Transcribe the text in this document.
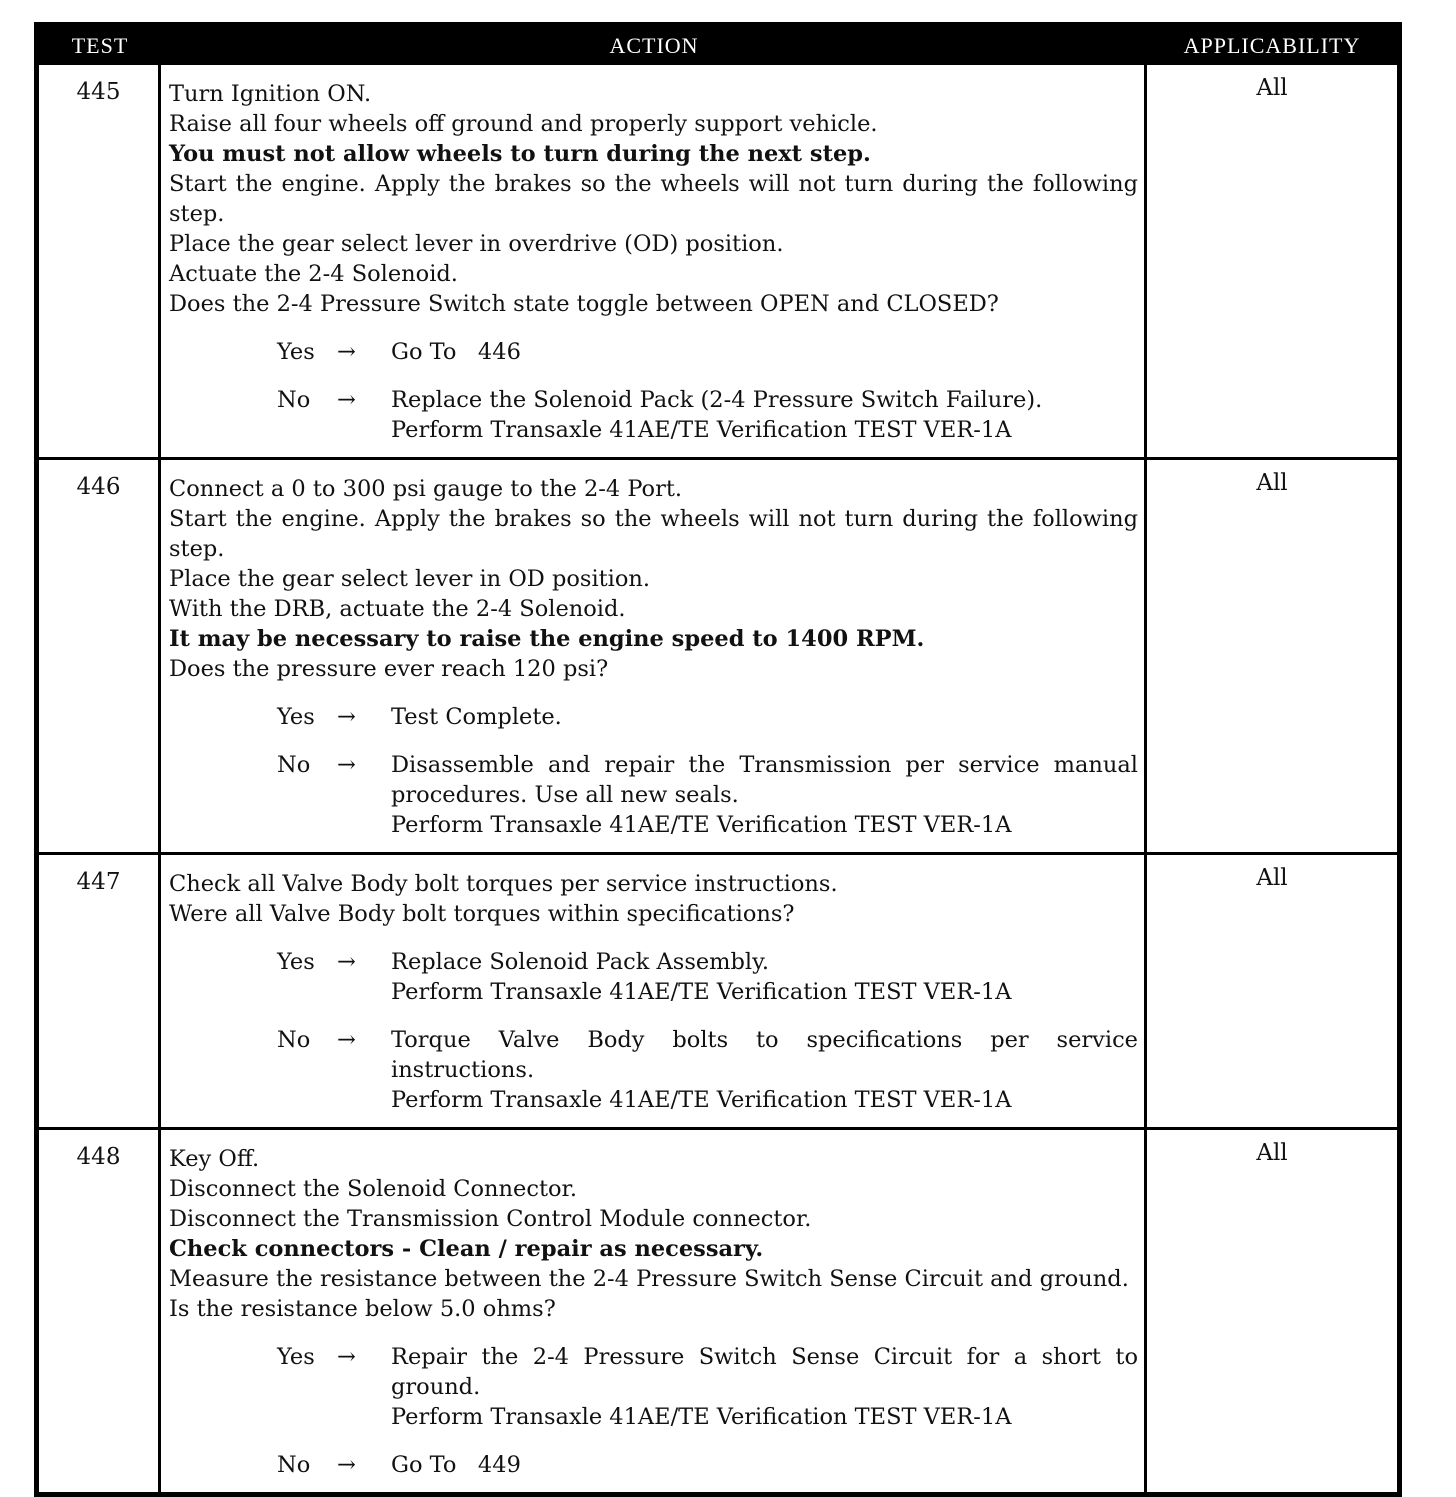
TEST	ACTION	APPLICABILITY
445	Turn Ignition ON.
Raise all four wheels off ground and properly support vehicle.
You must not allow wheels to turn during the next step.
Start the engine. Apply the brakes so the wheels will not turn during the following step.
Place the gear select lever in overdrive (OD) position.
Actuate the 2-4 Solenoid.
Does the 2-4 Pressure Switch state toggle between OPEN and CLOSED?
Yes →	Go To   446
No	→	Replace the Solenoid Pack (2-4 Pressure Switch Failure).
Perform Transaxle 41AE/TE Verification TEST VER-1A
All
446	Connect a 0 to 300 psi gauge to the 2-4 Port.
Start the engine. Apply the brakes so the wheels will not turn during the following step.
Place the gear select lever in OD position.
With the DRB, actuate the 2-4 Solenoid.
It may be necessary to raise the engine speed to 1400 RPM.
Does the pressure ever reach 120 psi?
Yes →	Test Complete.
No	→	Disassemble and repair the Transmission per service manual procedures. Use all new seals.
Perform Transaxle 41AE/TE Verification TEST VER-1A
All
447	Check all Valve Body bolt torques per service instructions.
Were all Valve Body bolt torques within specifications?
Yes →	Replace Solenoid Pack Assembly.
Perform Transaxle 41AE/TE Verification TEST VER-1A
No	→	Torque Valve Body bolts to specifications per service instructions.
Perform Transaxle 41AE/TE Verification TEST VER-1A
All
448	Key Off.
Disconnect the Solenoid Connector.
Disconnect the Transmission Control Module connector.
Check connectors - Clean / repair as necessary.
Measure the resistance between the 2-4 Pressure Switch Sense Circuit and ground.
Is the resistance below 5.0 ohms?
Yes →	Repair the 2-4 Pressure Switch Sense Circuit for a short to ground.
Perform Transaxle 41AE/TE Verification TEST VER-1A
No	→	Go To   449
All
